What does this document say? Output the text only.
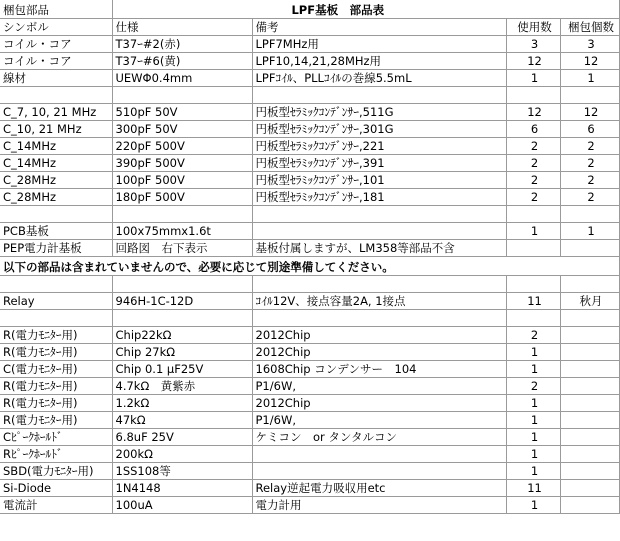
梱包部品	LPF基板　部品表			
シンボル	仕様	備考	使用数	梱包個数
コイル・コア	T37ｰ#2(赤)	LPF7MHz用	3	3
コイル・コア	T37ｰ#6(黄)	LPF10,14,21,28MHz用	12	12
線材	UEWΦ0.4mm	LPFｺｲﾙ、PLLｺｲﾙの巻線5.5mL	1	1

C_7, 10, 21 MHz	510pF 50V	円板型ｾﾗﾐｯｸｺﾝﾃﾞﾝｻｰ,511G	12	12
C_10, 21 MHz	300pF 50V	円板型ｾﾗﾐｯｸｺﾝﾃﾞﾝｻｰ,301G	6	6
C_14MHz	220pF 500V	円板型ｾﾗﾐｯｸｺﾝﾃﾞﾝｻｰ,221	2	2
C_14MHz	390pF 500V	円板型ｾﾗﾐｯｸｺﾝﾃﾞﾝｻｰ,391	2	2
C_28MHz	100pF 500V	円板型ｾﾗﾐｯｸｺﾝﾃﾞﾝｻｰ,101	2	2
C_28MHz	180pF 500V	円板型ｾﾗﾐｯｸｺﾝﾃﾞﾝｻｰ,181	2	2

PCB基板	100x75mmx1.6t		1	1
PEP電力計基板	回路図　右下表示	基板付属しますが、LM358等部品不含		
以下の部品は含まれていませんので、必要に応じて別途準備してください。				

Relay	946H-1C-12D	ｺｲﾙ12V、接点容量2A, 1接点	11	秋月

R(電力ﾓﾆﾀｰ用)	Chip22kΩ	2012Chip	2	
R(電力ﾓﾆﾀｰ用)	Chip 27kΩ	2012Chip	1	
C(電力ﾓﾆﾀｰ用)	Chip 0.1 μF25V	1608Chip コンデンサー　104	1	
R(電力ﾓﾆﾀｰ用)	4.7kΩ　黄紫赤	P1/6W,	2	
R(電力ﾓﾆﾀｰ用)	1.2kΩ	2012Chip	1	
R(電力ﾓﾆﾀｰ用)	47kΩ	P1/6W,	1	
Cﾋﾟｰｸﾎｰﾙﾄﾞ	6.8uF 25V	ケミコン　or タンタルコン	1	
Rﾋﾟｰｸﾎｰﾙﾄﾞ	200kΩ		1	
SBD(電力ﾓﾆﾀｰ用)	1SS108等		1	
Si-Diode	1N4148	Relay逆起電力吸収用etc	11	
電流計	100uA	電力計用	1	
